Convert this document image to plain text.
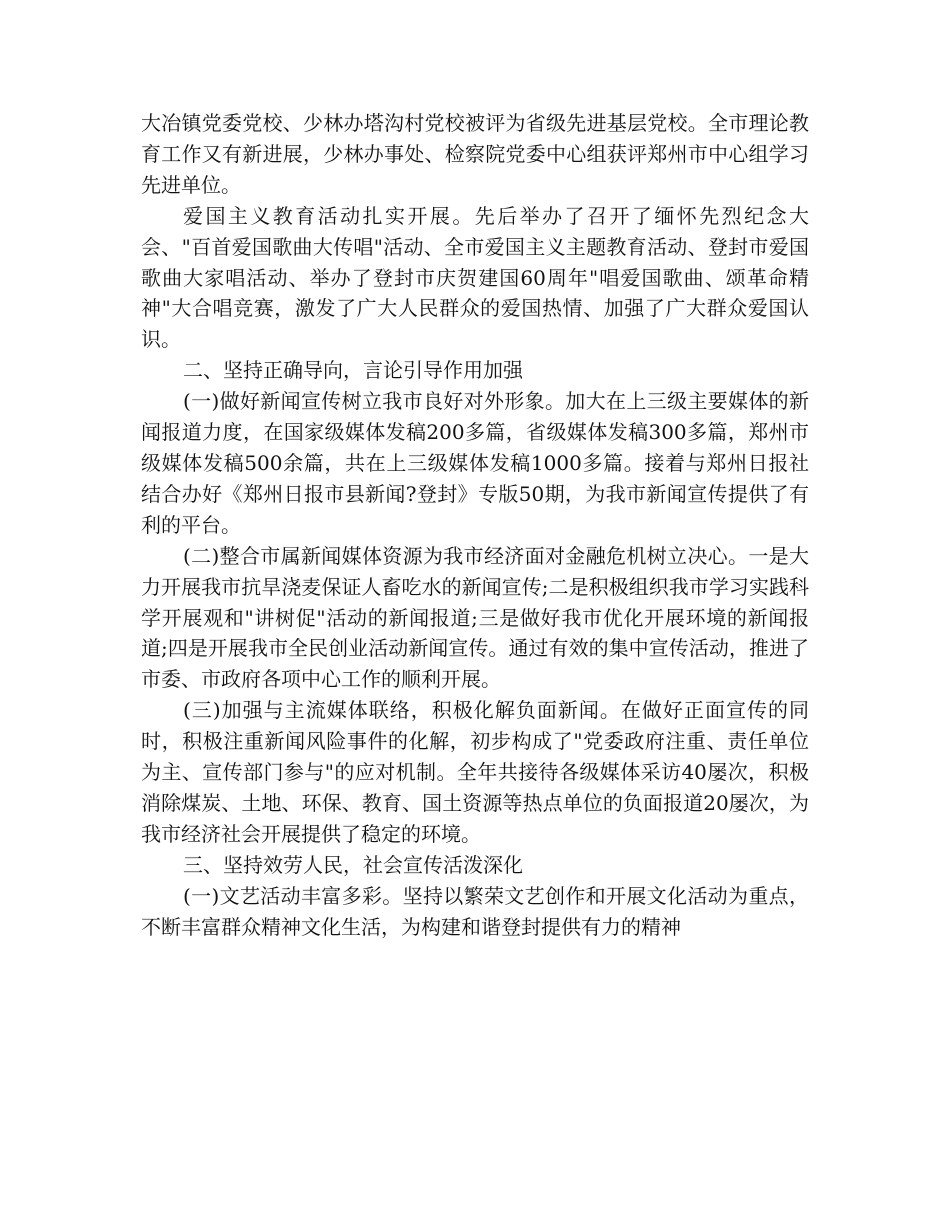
大冶镇党委党校、少林办塔沟村党校被评为省级先进基层党校。全市理论教育工作又有新进展，少林办事处、检察院党委中心组获评郑州市中心组学习先进单位。

爱国主义教育活动扎实开展。先后举办了召开了缅怀先烈纪念大会、"百首爱国歌曲大传唱"活动、全市爱国主义主题教育活动、登封市爱国歌曲大家唱活动、举办了登封市庆贺建国60周年"唱爱国歌曲、颂革命精神"大合唱竞赛，激发了广大人民群众的爱国热情、加强了广大群众爱国认识。

二、坚持正确导向，言论引导作用加强

(一)做好新闻宣传树立我市良好对外形象。加大在上三级主要媒体的新闻报道力度，在国家级媒体发稿200多篇，省级媒体发稿300多篇，郑州市级媒体发稿500余篇，共在上三级媒体发稿1000多篇。接着与郑州日报社结合办好《郑州日报市县新闻?登封》专版50期，为我市新闻宣传提供了有利的平台。

(二)整合市属新闻媒体资源为我市经济面对金融危机树立决心。一是大力开展我市抗旱浇麦保证人畜吃水的新闻宣传;二是积极组织我市学习实践科学开展观和"讲树促"活动的新闻报道;三是做好我市优化开展环境的新闻报道;四是开展我市全民创业活动新闻宣传。通过有效的集中宣传活动，推进了市委、市政府各项中心工作的顺利开展。

(三)加强与主流媒体联络，积极化解负面新闻。在做好正面宣传的同时，积极注重新闻风险事件的化解，初步构成了"党委政府注重、责任单位为主、宣传部门参与"的应对机制。全年共接待各级媒体采访40屡次，积极消除煤炭、土地、环保、教育、国土资源等热点单位的负面报道20屡次，为我市经济社会开展提供了稳定的环境。

三、坚持效劳人民，社会宣传活泼深化

(一)文艺活动丰富多彩。坚持以繁荣文艺创作和开展文化活动为重点，不断丰富群众精神文化生活，为构建和谐登封提供有力的精神
